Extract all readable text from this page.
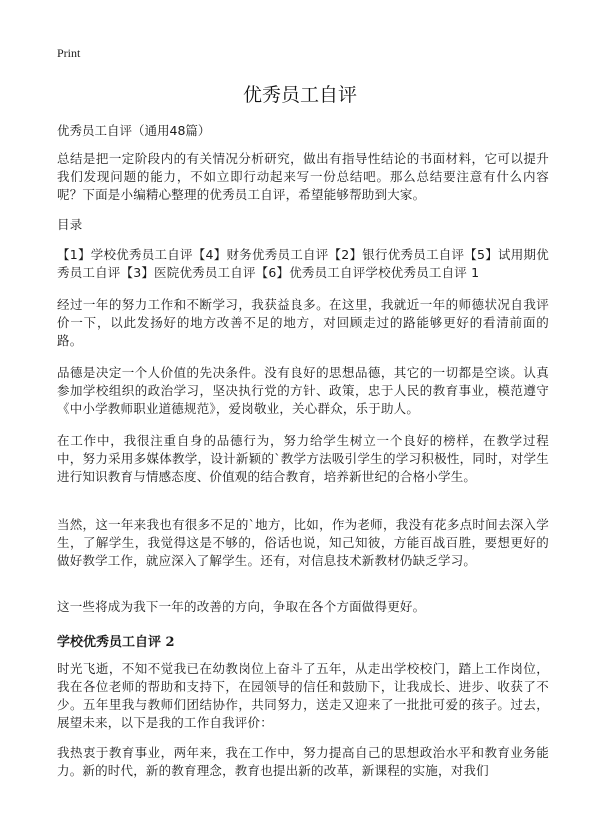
Print
优秀员工自评
优秀员工自评（通用48篇）
总结是把一定阶段内的有关情况分析研究，做出有指导性结论的书面材料，它可以提升我们发现问题的能力，不如立即行动起来写一份总结吧。那么总结要注意有什么内容呢？下面是小编精心整理的优秀员工自评，希望能够帮助到大家。
目录
【1】学校优秀员工自评【4】财务优秀员工自评【2】银行优秀员工自评【5】试用期优秀员工自评【3】医院优秀员工自评【6】优秀员工自评学校优秀员工自评 1
经过一年的努力工作和不断学习，我获益良多。在这里，我就近一年的师德状况自我评价一下，以此发扬好的地方改善不足的地方，对回顾走过的路能够更好的看清前面的路。
品德是决定一个人价值的先决条件。没有良好的思想品德，其它的一切都是空谈。认真参加学校组织的政治学习，坚决执行党的方针、政策，忠于人民的教育事业，模范遵守《中小学教师职业道德规范》，爱岗敬业，关心群众，乐于助人。
在工作中，我很注重自身的品德行为，努力给学生树立一个良好的榜样，在教学过程中，努力采用多媒体教学，设计新颖的`教学方法吸引学生的学习积极性，同时，对学生进行知识教育与情感态度、价值观的结合教育，培养新世纪的合格小学生。
当然，这一年来我也有很多不足的`地方，比如，作为老师，我没有花多点时间去深入学生，了解学生，我觉得这是不够的，俗话也说，知己知彼，方能百战百胜，要想更好的做好教学工作，就应深入了解学生。还有，对信息技术新教材仍缺乏学习。
这一些将成为我下一年的改善的方向，争取在各个方面做得更好。
学校优秀员工自评 2
时光飞逝，不知不觉我已在幼教岗位上奋斗了五年，从走出学校校门，踏上工作岗位，我在各位老师的帮助和支持下，在园领导的信任和鼓励下，让我成长、进步、收获了不少。五年里我与教师们团结协作，共同努力，送走又迎来了一批批可爱的孩子。过去，展望未来，以下是我的工作自我评价：
我热衷于教育事业，两年来，我在工作中，努力提高自己的思想政治水平和教育业务能力。新的时代，新的教育理念，教育也提出新的改革，新课程的实施，对我们
